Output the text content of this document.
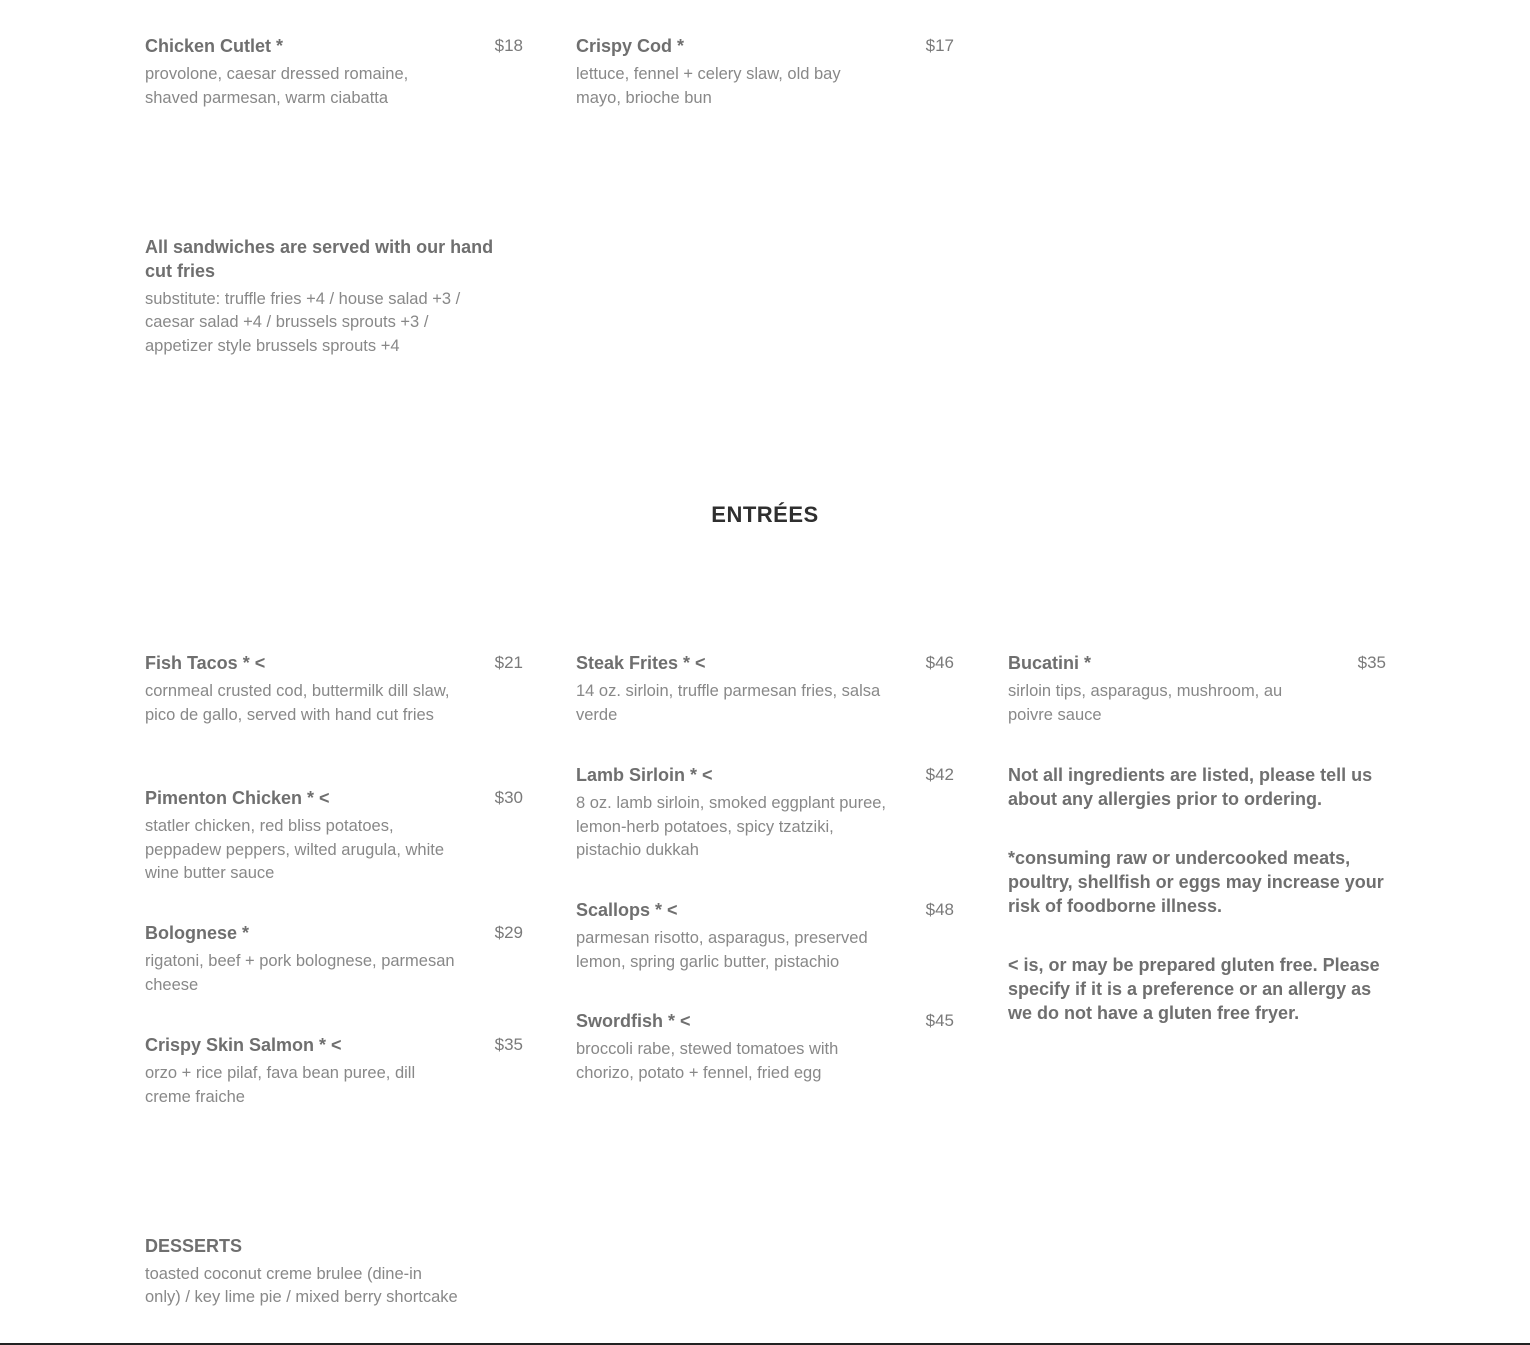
Chicken Cutlet *	$18
provolone, caesar dressed romaine, shaved parmesan, warm ciabatta
Crispy Cod *	$17
lettuce, fennel + celery slaw, old bay mayo, brioche bun
All sandwiches are served with our hand cut fries
substitute: truffle fries +4 / house salad +3 / caesar salad +4 / brussels sprouts +3 / appetizer style brussels sprouts +4
ENTRÉES
Fish Tacos * <	$21
cornmeal crusted cod, buttermilk dill slaw, pico de gallo, served with hand cut fries
Pimenton Chicken * <	$30
statler chicken, red bliss potatoes, peppadew peppers, wilted arugula, white wine butter sauce
Bolognese *	$29
rigatoni, beef + pork bolognese, parmesan cheese
Crispy Skin Salmon * <	$35
orzo + rice pilaf, fava bean puree, dill creme fraiche
Steak Frites * <	$46
14 oz. sirloin, truffle parmesan fries, salsa verde
Lamb Sirloin * <	$42
8 oz. lamb sirloin, smoked eggplant puree, lemon-herb potatoes, spicy tzatziki, pistachio dukkah
Scallops * <	$48
parmesan risotto, asparagus, preserved lemon, spring garlic butter, pistachio
Swordfish * <	$45
broccoli rabe, stewed tomatoes with chorizo, potato + fennel, fried egg
Bucatini *	$35
sirloin tips, asparagus, mushroom, au poivre sauce
Not all ingredients are listed, please tell us about any allergies prior to ordering.
*consuming raw or undercooked meats, poultry, shellfish or eggs may increase your risk of foodborne illness.
< is, or may be prepared gluten free. Please specify if it is a preference or an allergy as we do not have a gluten free fryer.
DESSERTS
toasted coconut creme brulee (dine-in only) / key lime pie / mixed berry shortcake
